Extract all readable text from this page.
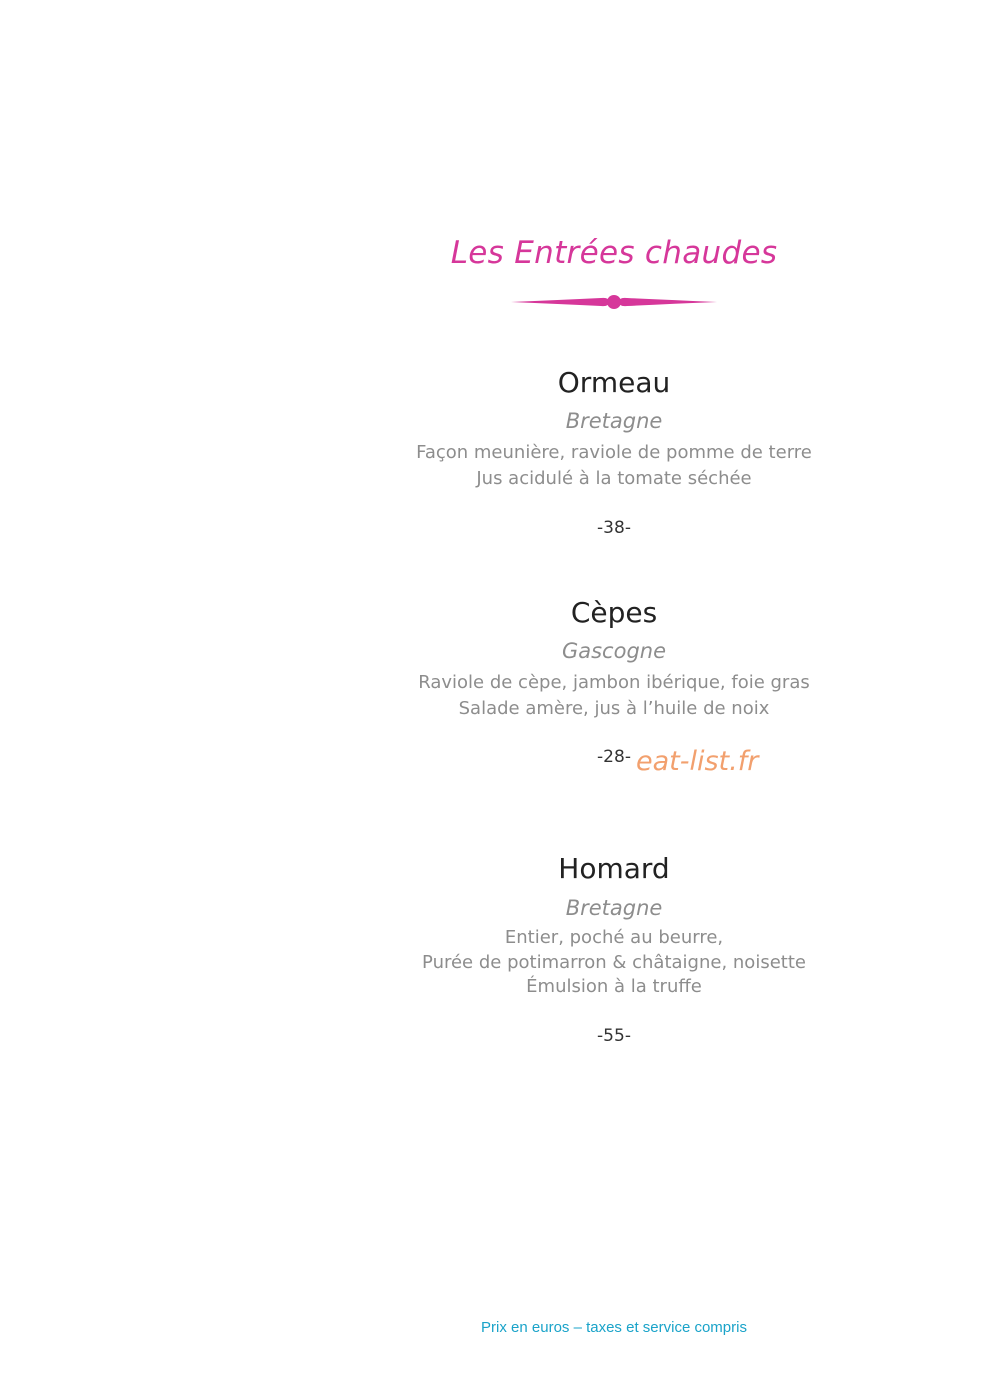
Les Entrées chaudes
Ormeau
Bretagne
Façon meunière, raviole de pomme de terre
Jus acidulé à la tomate séchée
-38-
Cèpes
Gascogne
Raviole de cèpe, jambon ibérique, foie gras
Salade amère, jus à l’huile de noix
-28- eat-list.fr
Homard
Bretagne
Entier, poché au beurre,
Purée de potimarron & châtaigne, noisette
Émulsion à la truffe
-55-
Prix en euros – taxes et service compris
